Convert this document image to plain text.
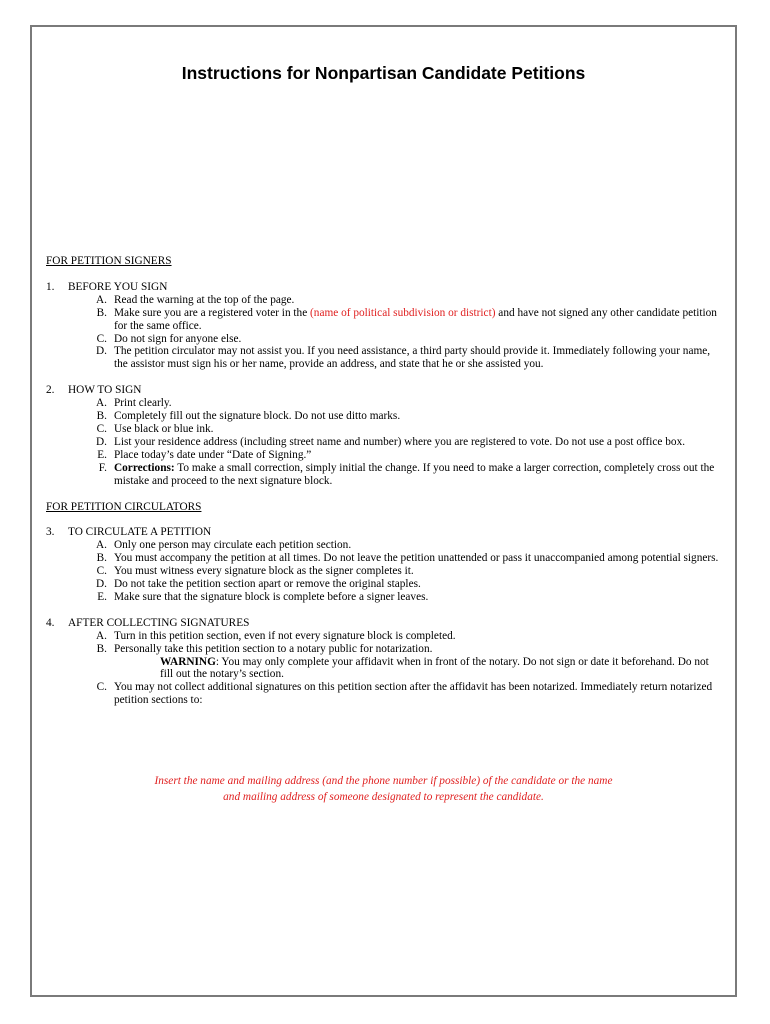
Instructions for Nonpartisan Candidate Petitions
FOR PETITION SIGNERS
1.	BEFORE YOU SIGN
A. Read the warning at the top of the page.
B. Make sure you are a registered voter in the (name of political subdivision or district) and have not signed any other candidate petition for the same office.
C. Do not sign for anyone else.
D. The petition circulator may not assist you. If you need assistance, a third party should provide it. Immediately following your name, the assistor must sign his or her name, provide an address, and state that he or she assisted you.
2.	HOW TO SIGN
A. Print clearly.
B. Completely fill out the signature block. Do not use ditto marks.
C. Use black or blue ink.
D. List your residence address (including street name and number) where you are registered to vote. Do not use a post office box.
E. Place today’s date under “Date of Signing.”
F. Corrections: To make a small correction, simply initial the change. If you need to make a larger correction, completely cross out the mistake and proceed to the next signature block.
FOR PETITION CIRCULATORS
3.	TO CIRCULATE A PETITION
A. Only one person may circulate each petition section.
B. You must accompany the petition at all times. Do not leave the petition unattended or pass it unaccompanied among potential signers.
C. You must witness every signature block as the signer completes it.
D. Do not take the petition section apart or remove the original staples.
E. Make sure that the signature block is complete before a signer leaves.
4.	AFTER COLLECTING SIGNATURES
A. Turn in this petition section, even if not every signature block is completed.
B. Personally take this petition section to a notary public for notarization.
WARNING: You may only complete your affidavit when in front of the notary. Do not sign or date it beforehand. Do not fill out the notary’s section.
C. You may not collect additional signatures on this petition section after the affidavit has been notarized. Immediately return notarized petition sections to:
Insert the name and mailing address (and the phone number if possible) of the candidate or the name
and mailing address of someone designated to represent the candidate.
